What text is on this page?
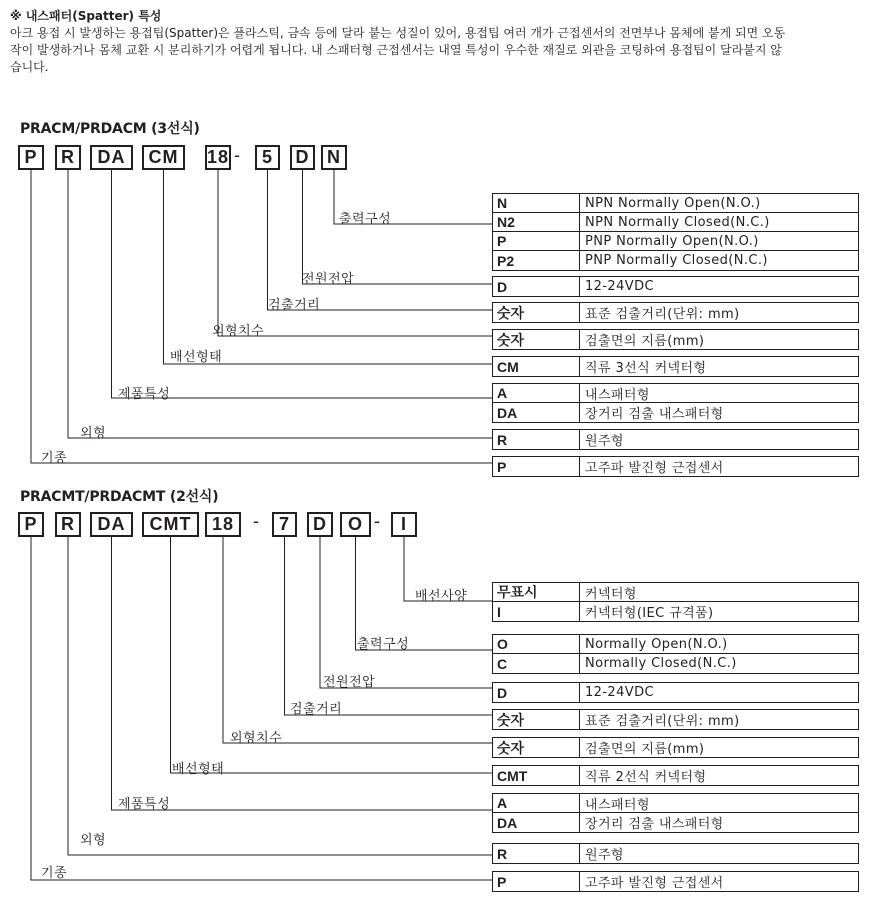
※ 내스패터(Spatter) 특성

아크 용접 시 발생하는 용접팁(Spatter)은 플라스틱, 금속 등에 달라 붙는 성질이 있어, 용접팁 여러 개가 근접센서의 전면부나 몸체에 붙게 되면 오동

작이 발생하거나 몸체 교환 시 분리하기가 어렵게 됩니다. 내 스패터형 근접센서는 내열 특성이 우수한 재질로 외관을 코팅하여 용접팁이 달라붙지 않

습니다.

PRACM/PRDACM (3선식)
P	R	DA	CM	18	5	D N
-
출력구성
전원전압
검출거리
외형치수
배선형태
제품특성
외형
기종
N	NPN Normally Open(N.O.)
N2	NPN Normally Closed(N.C.)
P	PNP Normally Open(N.O.)
P2	PNP Normally Closed(N.C.)
D	12-24VDC
숫자	표준 검출거리(단위: mm)
숫자	검출면의 지름(mm)
CM	직류 3선식 커넥터형
A	내스패터형
DA	장거리 검출 내스패터형
R	원주형
P	고주파 발진형 근접센서
PRACMT/PRDACMT (2선식)
P	R	DA	CMT	18	7	D	O	I
-	-
배선사양
출력구성
전원전압
검출거리
외형치수
배선형태
제품특성
외형
기종
무표시	커넥터형
I	커넥터형(IEC 규격품)
O	Normally Open(N.O.)
C	Normally Closed(N.C.)
D	12-24VDC
숫자	표준 검출거리(단위: mm)
숫자	검출면의 지름(mm)
CMT	직류 2선식 커넥터형
A	내스패터형
DA	장거리 검출 내스패터형
R	원주형
P	고주파 발진형 근접센서
